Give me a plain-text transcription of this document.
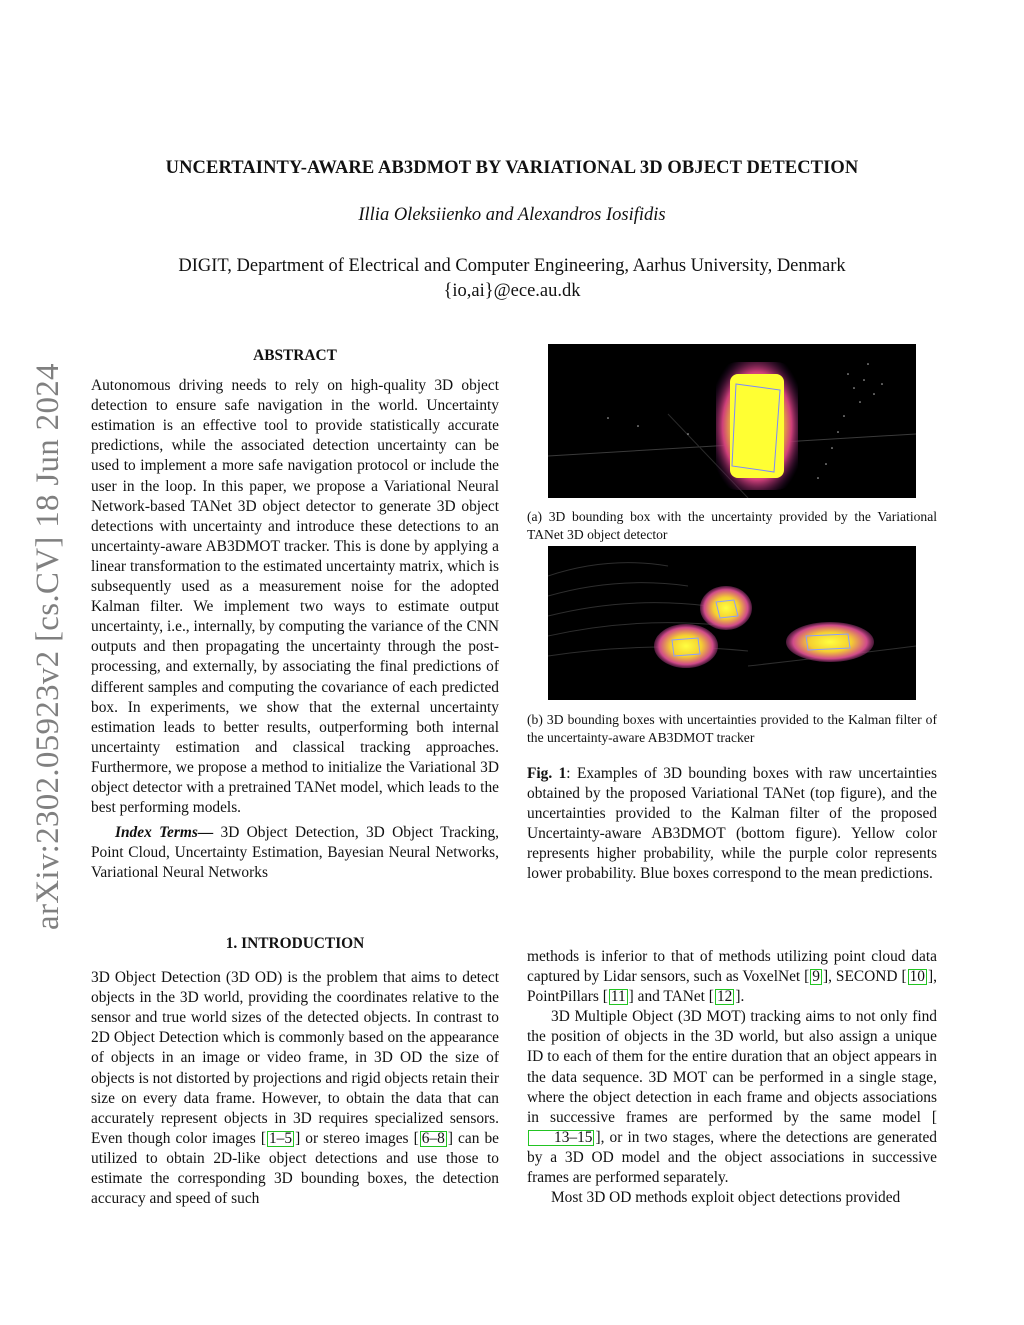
UNCERTAINTY-AWARE AB3DMOT BY VARIATIONAL 3D OBJECT DETECTION
Illia Oleksiienko and Alexandros Iosifidis
DIGIT, Department of Electrical and Computer Engineering, Aarhus University, Denmark
{io,ai}@ece.au.dk
arXiv:2302.05923v2 [cs.CV] 18 Jun 2024
ABSTRACT

Autonomous driving needs to rely on high-quality 3D object detection to ensure safe navigation in the world. Uncertainty estimation is an effective tool to provide statistically accurate predictions, while the associated detection uncertainty can be used to implement a more safe navigation protocol or include the user in the loop. In this paper, we propose a Variational Neural Network-based TANet 3D object detector to generate 3D object detections with uncertainty and introduce these detections to an uncertainty-aware AB3DMOT tracker. This is done by applying a linear transformation to the estimated uncertainty matrix, which is subsequently used as a measurement noise for the adopted Kalman filter. We implement two ways to estimate output uncertainty, i.e., internally, by computing the variance of the CNN outputs and then propagating the uncertainty through the post-processing, and externally, by associating the final predictions of different samples and computing the covariance of each predicted box. In experiments, we show that the external uncertainty estimation leads to better results, outperforming both internal uncertainty estimation and classical tracking approaches. Furthermore, we propose a method to initialize the Variational 3D object detector with a pretrained TANet model, which leads to the best performing models.

Index Terms— 3D Object Detection, 3D Object Tracking, Point Cloud, Uncertainty Estimation, Bayesian Neural Networks, Variational Neural Networks

1. INTRODUCTION

3D Object Detection (3D OD) is the problem that aims to detect objects in the 3D world, providing the coordinates relative to the sensor and true world sizes of the detected objects. In contrast to 2D Object Detection which is commonly based on the appearance of objects in an image or video frame, in 3D OD the size of objects is not distorted by projections and rigid objects retain their size on every data frame. However, to obtain the data that can accurately represent objects in 3D requires specialized sensors. Even though color images [ 1–5 ] or stereo images [ 6–8 ] can be utilized to obtain 2D-like object detections and use those to estimate the corresponding 3D bounding boxes, the detection accuracy and speed of such

(a) 3D bounding box with the uncertainty provided by the Variational TANet 3D object detector
(b) 3D bounding boxes with uncertainties provided to the Kalman filter of the uncertainty-aware AB3DMOT tracker
Fig. 1: Examples of 3D bounding boxes with raw uncertainties obtained by the proposed Variational TANet (top figure), and the uncertainties provided to the Kalman filter of the proposed Uncertainty-aware AB3DMOT (bottom figure). Yellow color represents higher probability, while the purple color represents lower probability. Blue boxes correspond to the mean predictions.

methods is inferior to that of methods utilizing point cloud data captured by Lidar sensors, such as VoxelNet [ 9 ], SECOND [ 10 ], PointPillars [ 11 ] and TANet [ 12 ].

3D Multiple Object (3D MOT) tracking aims to not only find the position of objects in the 3D world, but also assign a unique ID to each of them for the entire duration that an object appears in the data sequence. 3D MOT can be performed in a single stage, where the object detection in each frame and objects associations in successive frames are performed by the same model [13–15 ], or in two stages, where the detections are generated by a 3D OD model and the object associations in successive frames are performed separately.

Most 3D OD methods exploit object detections provided
